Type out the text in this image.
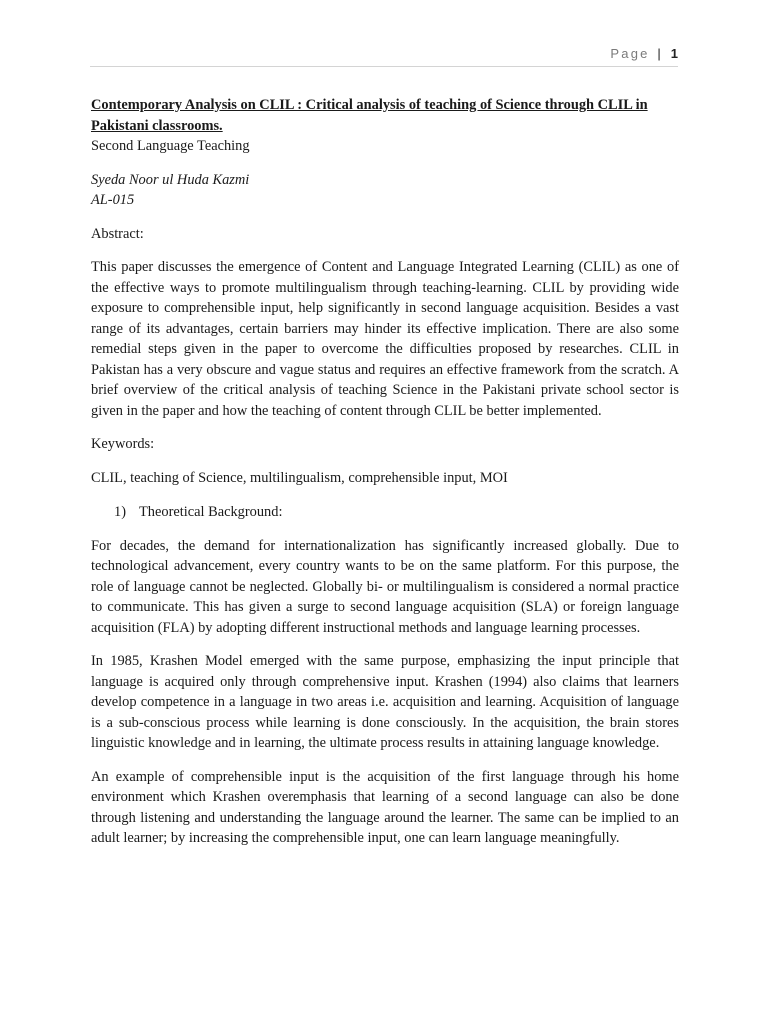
Page | 1

Contemporary Analysis on CLIL : Critical analysis of teaching of Science through CLIL in Pakistani classrooms.

Second Language Teaching

Syeda Noor ul Huda Kazmi

AL-015

Abstract:

This paper discusses the emergence of Content and Language Integrated Learning (CLIL) as one of the effective ways to promote multilingualism through teaching-learning. CLIL by providing wide exposure to comprehensible input, help significantly in second language acquisition. Besides a vast range of its advantages, certain barriers may hinder its effective implication. There are also some remedial steps given in the paper to overcome the difficulties proposed by researches. CLIL in Pakistan has a very obscure and vague status and requires an effective framework from the scratch. A brief overview of the critical analysis of teaching Science in the Pakistani private school sector is given in the paper and how the teaching of content through CLIL be better implemented.

Keywords:

CLIL, teaching of Science, multilingualism, comprehensible input, MOI

1) Theoretical Background:

For decades, the demand for internationalization has significantly increased globally. Due to technological advancement, every country wants to be on the same platform. For this purpose, the role of language cannot be neglected. Globally bi- or multilingualism is considered a normal practice to communicate. This has given a surge to second language acquisition (SLA) or foreign language acquisition (FLA) by adopting different instructional methods and language learning processes.

In 1985, Krashen Model emerged with the same purpose, emphasizing the input principle that language is acquired only through comprehensive input. Krashen (1994) also claims that learners develop competence in a language in two areas i.e. acquisition and learning. Acquisition of language is a sub-conscious process while learning is done consciously. In the acquisition, the brain stores linguistic knowledge and in learning, the ultimate process results in attaining language knowledge.

An example of comprehensible input is the acquisition of the first language through his home environment which Krashen overemphasis that learning of a second language can also be done through listening and understanding the language around the learner. The same can be implied to an adult learner; by increasing the comprehensible input, one can learn language meaningfully.
